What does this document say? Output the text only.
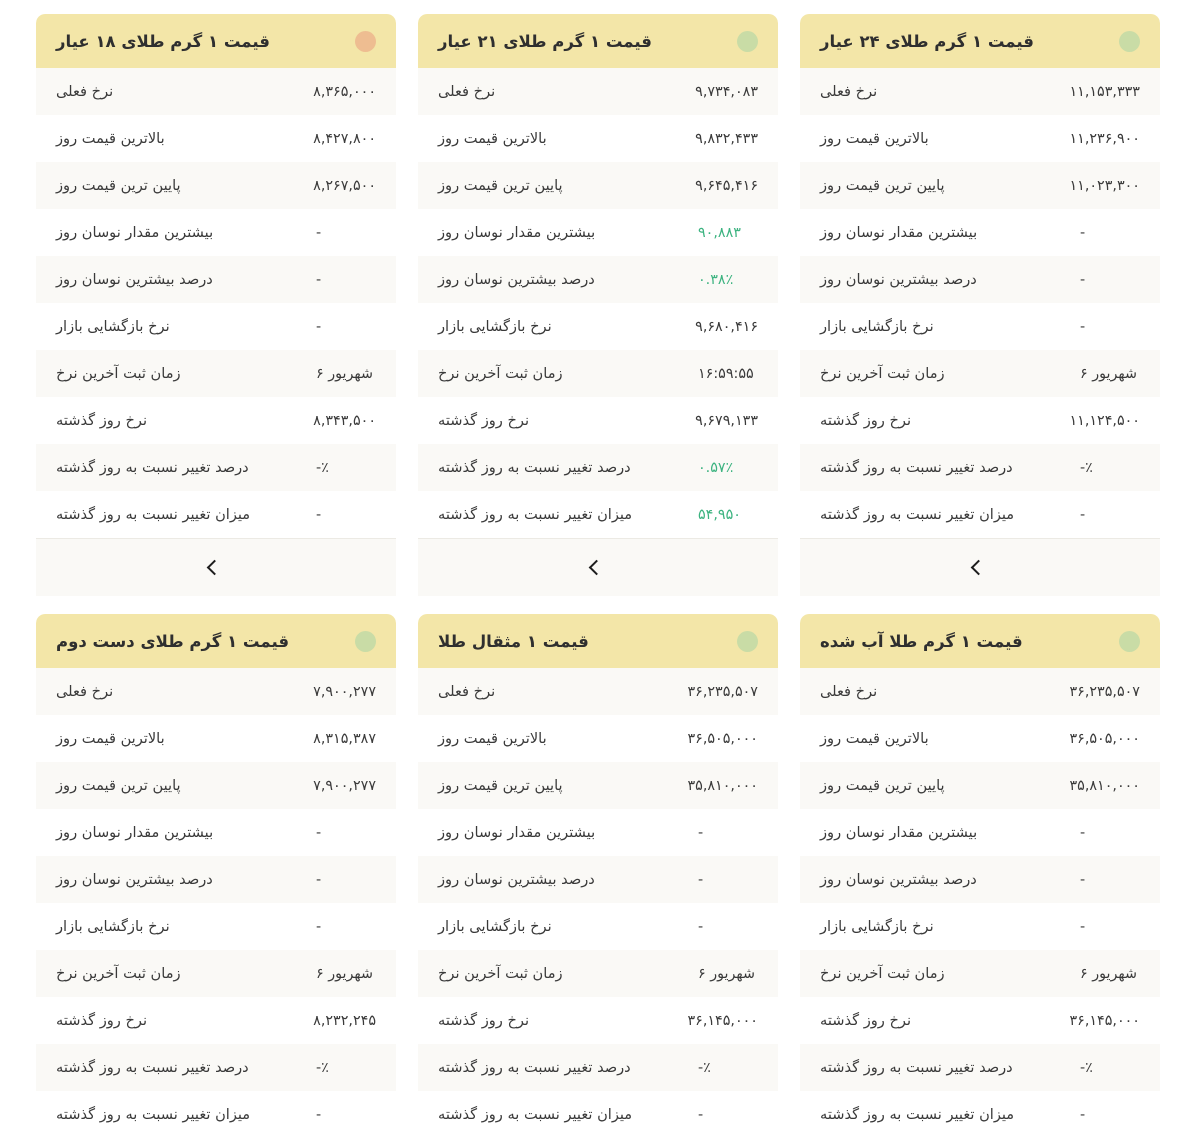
قیمت ۱ گرم طلای ۱۸ عیار
۸,۳۶۵,۰۰۰
نرخ فعلی
۸,۴۲۷,۸۰۰
بالاترین قیمت روز
۸,۲۶۷,۵۰۰
پایین ترین قیمت روز
-
بیشترین مقدار نوسان روز
-
درصد بیشترین نوسان روز
-
نرخ بازگشایی بازار
۶ شهریور
زمان ثبت آخرین نرخ
۸,۳۴۳,۵۰۰
نرخ روز گذشته
-٪
درصد تغییر نسبت به روز گذشته
-
میزان تغییر نسبت به روز گذشته
قیمت ۱ گرم طلای ۲۱ عیار
۹,۷۳۴,۰۸۳
نرخ فعلی
۹,۸۳۲,۴۳۳
بالاترین قیمت روز
۹,۶۴۵,۴۱۶
پایین ترین قیمت روز
۹۰,۸۸۳
بیشترین مقدار نوسان روز
۰.۳۸٪
درصد بیشترین نوسان روز
۹,۶۸۰,۴۱۶
نرخ بازگشایی بازار
۱۶:۵۹:۵۵
زمان ثبت آخرین نرخ
۹,۶۷۹,۱۳۳
نرخ روز گذشته
۰.۵۷٪
درصد تغییر نسبت به روز گذشته
۵۴,۹۵۰
میزان تغییر نسبت به روز گذشته
قیمت ۱ گرم طلای ۲۴ عیار
۱۱,۱۵۳,۳۳۳
نرخ فعلی
۱۱,۲۳۶,۹۰۰
بالاترین قیمت روز
۱۱,۰۲۳,۳۰۰
پایین ترین قیمت روز
-
بیشترین مقدار نوسان روز
-
درصد بیشترین نوسان روز
-
نرخ بازگشایی بازار
۶ شهریور
زمان ثبت آخرین نرخ
۱۱,۱۲۴,۵۰۰
نرخ روز گذشته
-٪
درصد تغییر نسبت به روز گذشته
-
میزان تغییر نسبت به روز گذشته
قیمت ۱ گرم طلای دست دوم
۷,۹۰۰,۲۷۷
نرخ فعلی
۸,۳۱۵,۳۸۷
بالاترین قیمت روز
۷,۹۰۰,۲۷۷
پایین ترین قیمت روز
-
بیشترین مقدار نوسان روز
-
درصد بیشترین نوسان روز
-
نرخ بازگشایی بازار
۶ شهریور
زمان ثبت آخرین نرخ
۸,۲۳۲,۲۴۵
نرخ روز گذشته
-٪
درصد تغییر نسبت به روز گذشته
-
میزان تغییر نسبت به روز گذشته
قیمت ۱ مثقال طلا
۳۶,۲۳۵,۵۰۷
نرخ فعلی
۳۶,۵۰۵,۰۰۰
بالاترین قیمت روز
۳۵,۸۱۰,۰۰۰
پایین ترین قیمت روز
-
بیشترین مقدار نوسان روز
-
درصد بیشترین نوسان روز
-
نرخ بازگشایی بازار
۶ شهریور
زمان ثبت آخرین نرخ
۳۶,۱۴۵,۰۰۰
نرخ روز گذشته
-٪
درصد تغییر نسبت به روز گذشته
-
میزان تغییر نسبت به روز گذشته
قیمت ۱ گرم طلا آب شده
۳۶,۲۳۵,۵۰۷
نرخ فعلی
۳۶,۵۰۵,۰۰۰
بالاترین قیمت روز
۳۵,۸۱۰,۰۰۰
پایین ترین قیمت روز
-
بیشترین مقدار نوسان روز
-
درصد بیشترین نوسان روز
-
نرخ بازگشایی بازار
۶ شهریور
زمان ثبت آخرین نرخ
۳۶,۱۴۵,۰۰۰
نرخ روز گذشته
-٪
درصد تغییر نسبت به روز گذشته
-
میزان تغییر نسبت به روز گذشته
